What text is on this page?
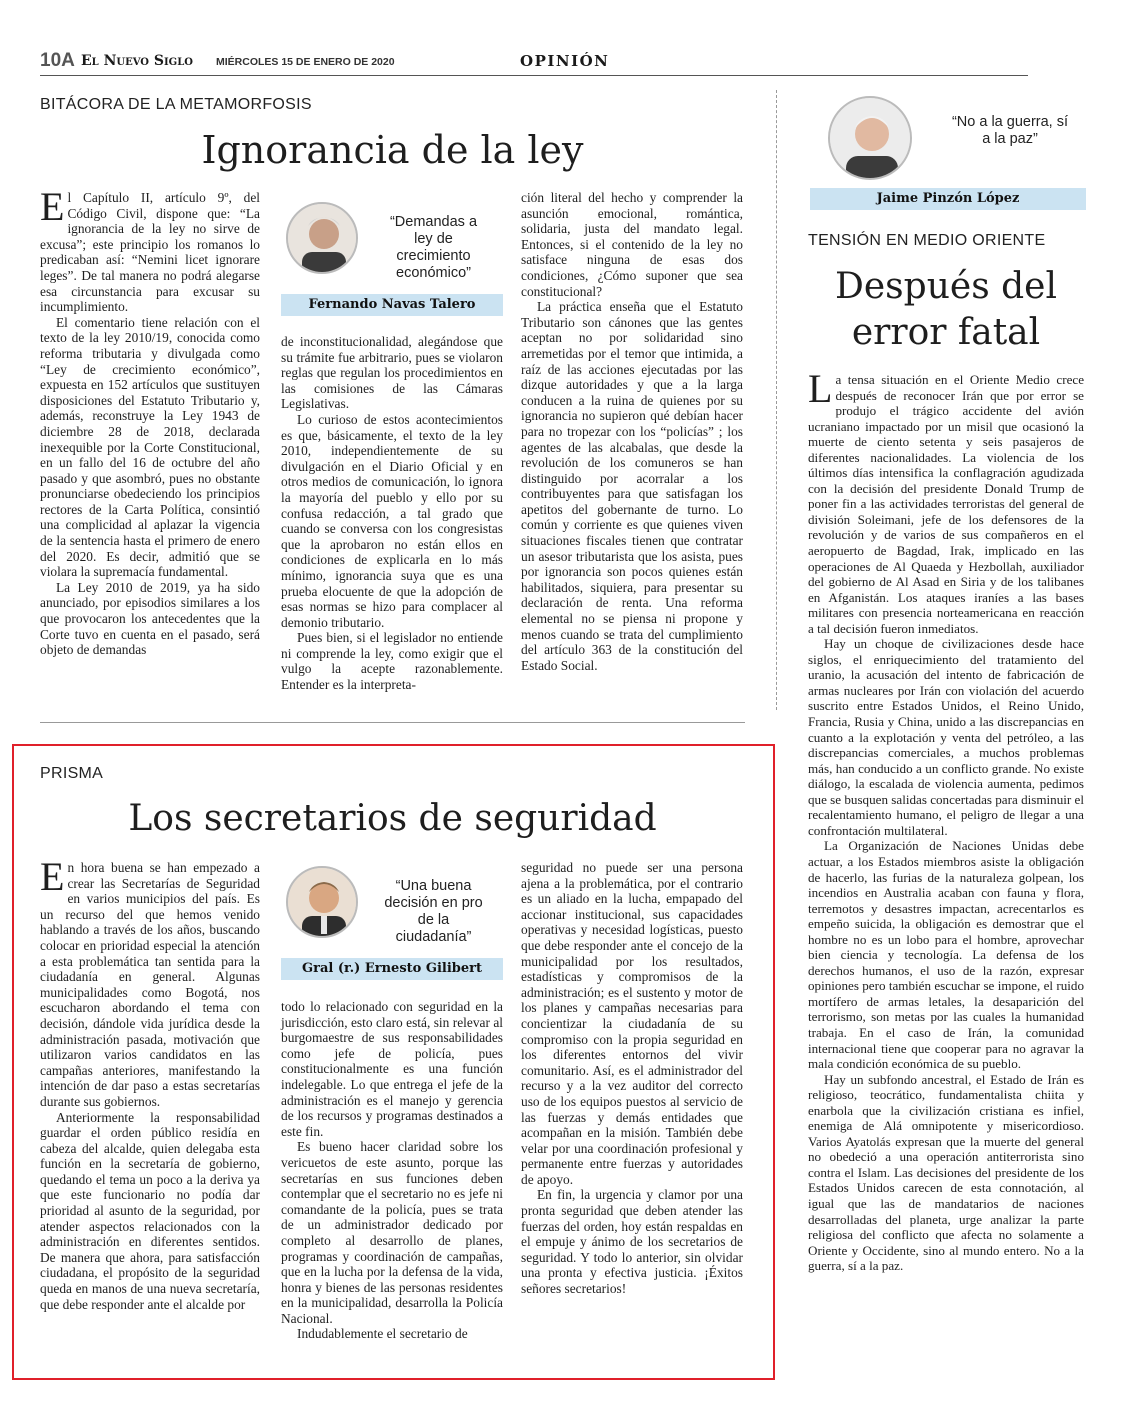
10A El Nuevo Siglo MIÉRCOLES 15 DE ENERO DE 2020	OPINIÓN
BITÁCORA DE LA METAMORFOSIS
Ignorancia de la ley

El Capítulo II, artículo 9º, del Código Civil, dispone que: “La ignorancia de la ley no sirve de excusa”; este principio los romanos lo predicaban así: “Nemini licet ignorare leges”. De tal manera no podrá alegarse esa circunstancia para excusar su incumplimiento.

El comentario tiene relación con el texto de la ley 2010/19, conocida como reforma tributaria y divulgada como “Ley de crecimiento económico”, expuesta en 152 artículos que sustituyen disposiciones del Estatuto Tributario y, además, reconstruye la Ley 1943 de diciembre 28 de 2018, declarada inexequible por la Corte Constitucional, en un fallo del 16 de octubre del año pasado y que asombró, pues no obstante pronunciarse obedeciendo los principios rectores de la Carta Política, consintió una complicidad al aplazar la vigencia de la sentencia hasta el primero de enero del 2020. Es decir, admitió que se violara la supremacía fundamental.

La Ley 2010 de 2019, ya ha sido anunciado, por episodios similares a los que provocaron los antecedentes que la Corte tuvo en cuenta en el pasado, será objeto de demandas

“Demandas a ley de crecimiento económico”
Fernando Navas Talero

de inconstitucionalidad, alegándose que su trámite fue arbitrario, pues se violaron reglas que regulan los procedimientos en las comisiones de las Cámaras Legislativas.

Lo curioso de estos acontecimientos es que, básicamente, el texto de la ley 2010, independientemente de su divulgación en el Diario Oficial y en otros medios de comunicación, lo ignora la mayoría del pueblo y ello por su confusa redacción, a tal grado que cuando se conversa con los congresistas que la aprobaron no están ellos en condiciones de explicarla en lo más mínimo, ignorancia suya que es una prueba elocuente de que la adopción de esas normas se hizo para complacer al demonio tributario.

Pues bien, si el legislador no entiende ni comprende la ley, como exigir que el vulgo la acepte razonablemente. Entender es la interpreta-

ción literal del hecho y comprender la asunción emocional, romántica, solidaria, justa del mandato legal. Entonces, si el contenido de la ley no satisface ninguna de esas dos condiciones, ¿Cómo suponer que sea constitucional?

La práctica enseña que el Estatuto Tributario son cánones que las gentes aceptan no por solidaridad sino arremetidas por el temor que intimida, a raíz de las acciones ejecutadas por las dizque autoridades y que a la larga conducen a la ruina de quienes por su ignorancia no supieron qué debían hacer para no tropezar con los “policías” ; los agentes de las alcabalas, que desde la revolución de los comuneros se han distinguido por acorralar a los contribuyentes para que satisfagan los apetitos del gobernante de turno. Lo común y corriente es que quienes viven situaciones fiscales tienen que contratar un asesor tributarista que los asista, pues por ignorancia son pocos quienes están habilitados, siquiera, para presentar su declaración de renta. Una reforma elemental no se piensa ni propone y menos cuando se trata del cumplimiento del artículo 363 de la constitución del Estado Social.

PRISMA
Los secretarios de seguridad

En hora buena se han empezado a crear las Secretarías de Seguridad en varios municipios del país. Es un recurso del que hemos venido hablando a través de los años, buscando colocar en prioridad especial la atención a esta problemática tan sentida para la ciudadanía en general. Algunas municipalidades como Bogotá, nos escucharon abordando el tema con decisión, dándole vida jurídica desde la administración pasada, motivación que utilizaron varios candidatos en las campañas anteriores, manifestando la intención de dar paso a estas secretarías durante sus gobiernos.

Anteriormente la responsabilidad guardar el orden público residía en cabeza del alcalde, quien delegaba esta función en la secretaría de gobierno, quedando el tema un poco a la deriva ya que este funcionario no podía dar prioridad al asunto de la seguridad, por atender aspectos relacionados con la administración en diferentes sentidos. De manera que ahora, para satisfacción ciudadana, el propósito de la seguridad queda en manos de una nueva secretaría, que debe responder ante el alcalde por

“Una buena decisión en pro de la ciudadanía”
Gral (r.) Ernesto Gilibert

todo lo relacionado con seguridad en la jurisdicción, esto claro está, sin relevar al burgomaestre de sus responsabilidades como jefe de policía, pues constitucionalmente es una función indelegable. Lo que entrega el jefe de la administración es el manejo y gerencia de los recursos y programas destinados a este fin.

Es bueno hacer claridad sobre los vericuetos de este asunto, porque las secretarías en sus funciones deben contemplar que el secretario no es jefe ni comandante de la policía, pues se trata de un administrador dedicado por completo al desarrollo de planes, programas y coordinación de campañas, que en la lucha por la defensa de la vida, honra y bienes de las personas residentes en la municipalidad, desarrolla la Policía Nacional.

Indudablemente el secretario de

seguridad no puede ser una persona ajena a la problemática, por el contrario es un aliado en la lucha, empapado del accionar institucional, sus capacidades operativas y necesidad logísticas, puesto que debe responder ante el concejo de la municipalidad por los resultados, estadísticas y compromisos de la administración; es el sustento y motor de los planes y campañas necesarias para concientizar la ciudadanía de su compromiso con la propia seguridad en los diferentes entornos del vivir comunitario. Así, es el administrador del recurso y a la vez auditor del correcto uso de los equipos puestos al servicio de las fuerzas y demás entidades que acompañan en la misión. También debe velar por una coordinación profesional y permanente entre fuerzas y autoridades de apoyo.

En fin, la urgencia y clamor por una pronta seguridad que deben atender las fuerzas del orden, hoy están respaldas en el empuje y ánimo de los secretarios de seguridad. Y todo lo anterior, sin olvidar una pronta y efectiva justicia. ¡Éxitos señores secretarios!

“No a la guerra, sí a la paz”
Jaime Pinzón López
TENSIÓN EN MEDIO ORIENTE
Después del
error fatal

La tensa situación en el Oriente Medio crece después de reconocer Irán que por error se produjo el trágico accidente del avión ucraniano impactado por un misil que ocasionó la muerte de ciento setenta y seis pasajeros de diferentes nacionalidades. La violencia de los últimos días intensifica la conflagración agudizada con la decisión del presidente Donald Trump de poner fin a las actividades terroristas del general de división Soleimani, jefe de los defensores de la revolución y de varios de sus compañeros en el aeropuerto de Bagdad, Irak, implicado en las operaciones de Al Quaeda y Hezbollah, auxiliador del gobierno de Al Asad en Siria y de los talibanes en Afganistán. Los ataques iraníes a las bases militares con presencia norteamericana en reacción a tal decisión fueron inmediatos.

Hay un choque de civilizaciones desde hace siglos, el enriquecimiento del tratamiento del uranio, la acusación del intento de fabricación de armas nucleares por Irán con violación del acuerdo suscrito entre Estados Unidos, el Reino Unido, Francia, Rusia y China, unido a las discrepancias en cuanto a la explotación y venta del petróleo, a las discrepancias comerciales, a muchos problemas más, han conducido a un conflicto grande. No existe diálogo, la escalada de violencia aumenta, pedimos que se busquen salidas concertadas para disminuir el recalentamiento humano, el peligro de llegar a una confrontación multilateral.

La Organización de Naciones Unidas debe actuar, a los Estados miembros asiste la obligación de hacerlo, las furias de la naturaleza golpean, los incendios en Australia acaban con fauna y flora, terremotos y desastres impactan, acrecentarlos es empeño suicida, la obligación es demostrar que el hombre no es un lobo para el hombre, aprovechar bien ciencia y tecnología. La defensa de los derechos humanos, el uso de la razón, expresar opiniones pero también escuchar se impone, el ruido mortífero de armas letales, la desaparición del terrorismo, son metas por las cuales la humanidad trabaja. En el caso de Irán, la comunidad internacional tiene que cooperar para no agravar la mala condición económica de su pueblo.

Hay un subfondo ancestral, el Estado de Irán es religioso, teocrático, fundamentalista chiita y enarbola que la civilización cristiana es infiel, enemiga de Alá omnipotente y misericordioso. Varios Ayatolás expresan que la muerte del general no obedeció a una operación antiterrorista sino contra el Islam. Las decisiones del presidente de los Estados Unidos carecen de esta connotación, al igual que las de mandatarios de naciones desarrolladas del planeta, urge analizar la parte religiosa del conflicto que afecta no solamente a Oriente y Occidente, sino al mundo entero. No a la guerra, sí a la paz.
